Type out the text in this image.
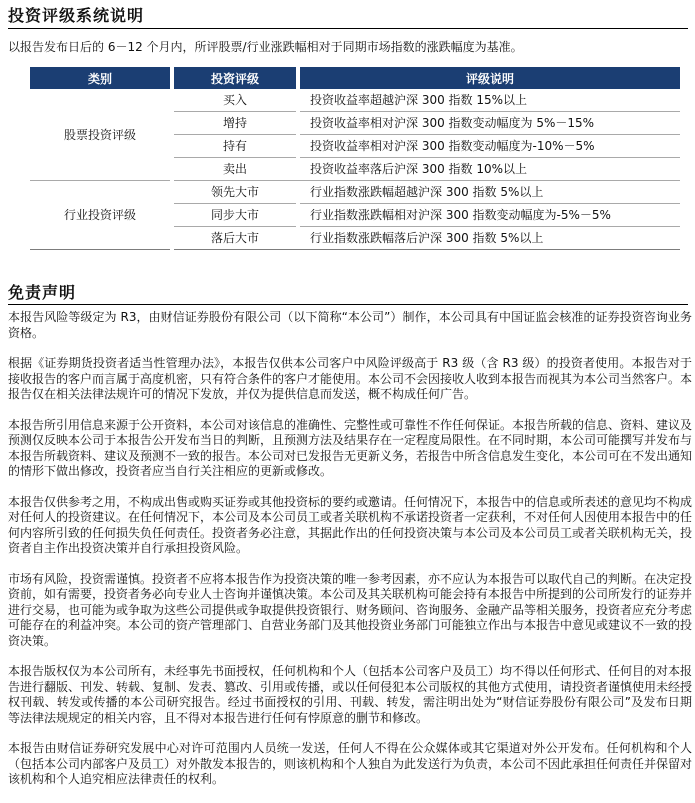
投资评级系统说明

以报告发布日后的 6－12 个月内，所评股票/行业涨跌幅相对于同期市场指数的涨跌幅度为基准。

类别		投资评级		评级说明
股票投资评级		买入		投资收益率超越沪深 300 指数 15%以上
		增持		投资收益率相对沪深 300 指数变动幅度为 5%－15%
		持有		投资收益率相对沪深 300 指数变动幅度为-10%－5%
		卖出		投资收益率落后沪深 300 指数 10%以上
行业投资评级		领先大市		行业指数涨跌幅超越沪深 300 指数 5%以上
		同步大市		行业指数涨跌幅相对沪深 300 指数变动幅度为-5%－5%
		落后大市		行业指数涨跌幅落后沪深 300 指数 5%以上
免责声明

本报告风险等级定为 R3，由财信证券股份有限公司（以下简称“本公司”）制作，本公司具有中国证监会核准的证券投资咨询业务资格。

根据《证券期货投资者适当性管理办法》，本报告仅供本公司客户中风险评级高于 R3 级（含 R3 级）的投资者使用。本报告对于接收报告的客户而言属于高度机密，只有符合条件的客户才能使用。本公司不会因接收人收到本报告而视其为本公司当然客户。本报告仅在相关法律法规许可的情况下发放，并仅为提供信息而发送，概不构成任何广告。

本报告所引用信息来源于公开资料，本公司对该信息的准确性、完整性或可靠性不作任何保证。本报告所载的信息、资料、建议及预测仅反映本公司于本报告公开发布当日的判断，且预测方法及结果存在一定程度局限性。在不同时期，本公司可能撰写并发布与本报告所载资料、建议及预测不一致的报告。本公司对已发报告无更新义务，若报告中所含信息发生变化，本公司可在不发出通知的情形下做出修改，投资者应当自行关注相应的更新或修改。

本报告仅供参考之用，不构成出售或购买证券或其他投资标的要约或邀请。任何情况下，本报告中的信息或所表述的意见均不构成对任何人的投资建议。在任何情况下，本公司及本公司员工或者关联机构不承诺投资者一定获利，不对任何人因使用本报告中的任何内容所引致的任何损失负任何责任。投资者务必注意，其据此作出的任何投资决策与本公司及本公司员工或者关联机构无关，投资者自主作出投资决策并自行承担投资风险。

市场有风险，投资需谨慎。投资者不应将本报告作为投资决策的唯一参考因素，亦不应认为本报告可以取代自己的判断。在决定投资前，如有需要，投资者务必向专业人士咨询并谨慎决策。本公司及其关联机构可能会持有本报告中所提到的公司所发行的证券并进行交易，也可能为或争取为这些公司提供或争取提供投资银行、财务顾问、咨询服务、金融产品等相关服务，投资者应充分考虑可能存在的利益冲突。本公司的资产管理部门、自营业务部门及其他投资业务部门可能独立作出与本报告中意见或建议不一致的投资决策。

本报告版权仅为本公司所有，未经事先书面授权，任何机构和个人（包括本公司客户及员工）均不得以任何形式、任何目的对本报告进行翻版、刊发、转载、复制、发表、篡改、引用或传播，或以任何侵犯本公司版权的其他方式使用，请投资者谨慎使用未经授权刊载、转发或传播的本公司研究报告。经过书面授权的引用、刊载、转发，需注明出处为“财信证券股份有限公司”及发布日期等法律法规规定的相关内容，且不得对本报告进行任何有悖原意的删节和修改。

本报告由财信证券研究发展中心对许可范围内人员统一发送，任何人不得在公众媒体或其它渠道对外公开发布。任何机构和个人（包括本公司内部客户及员工）对外散发本报告的，则该机构和个人独自为此发送行为负责，本公司不因此承担任何责任并保留对该机构和个人追究相应法律责任的权利。
